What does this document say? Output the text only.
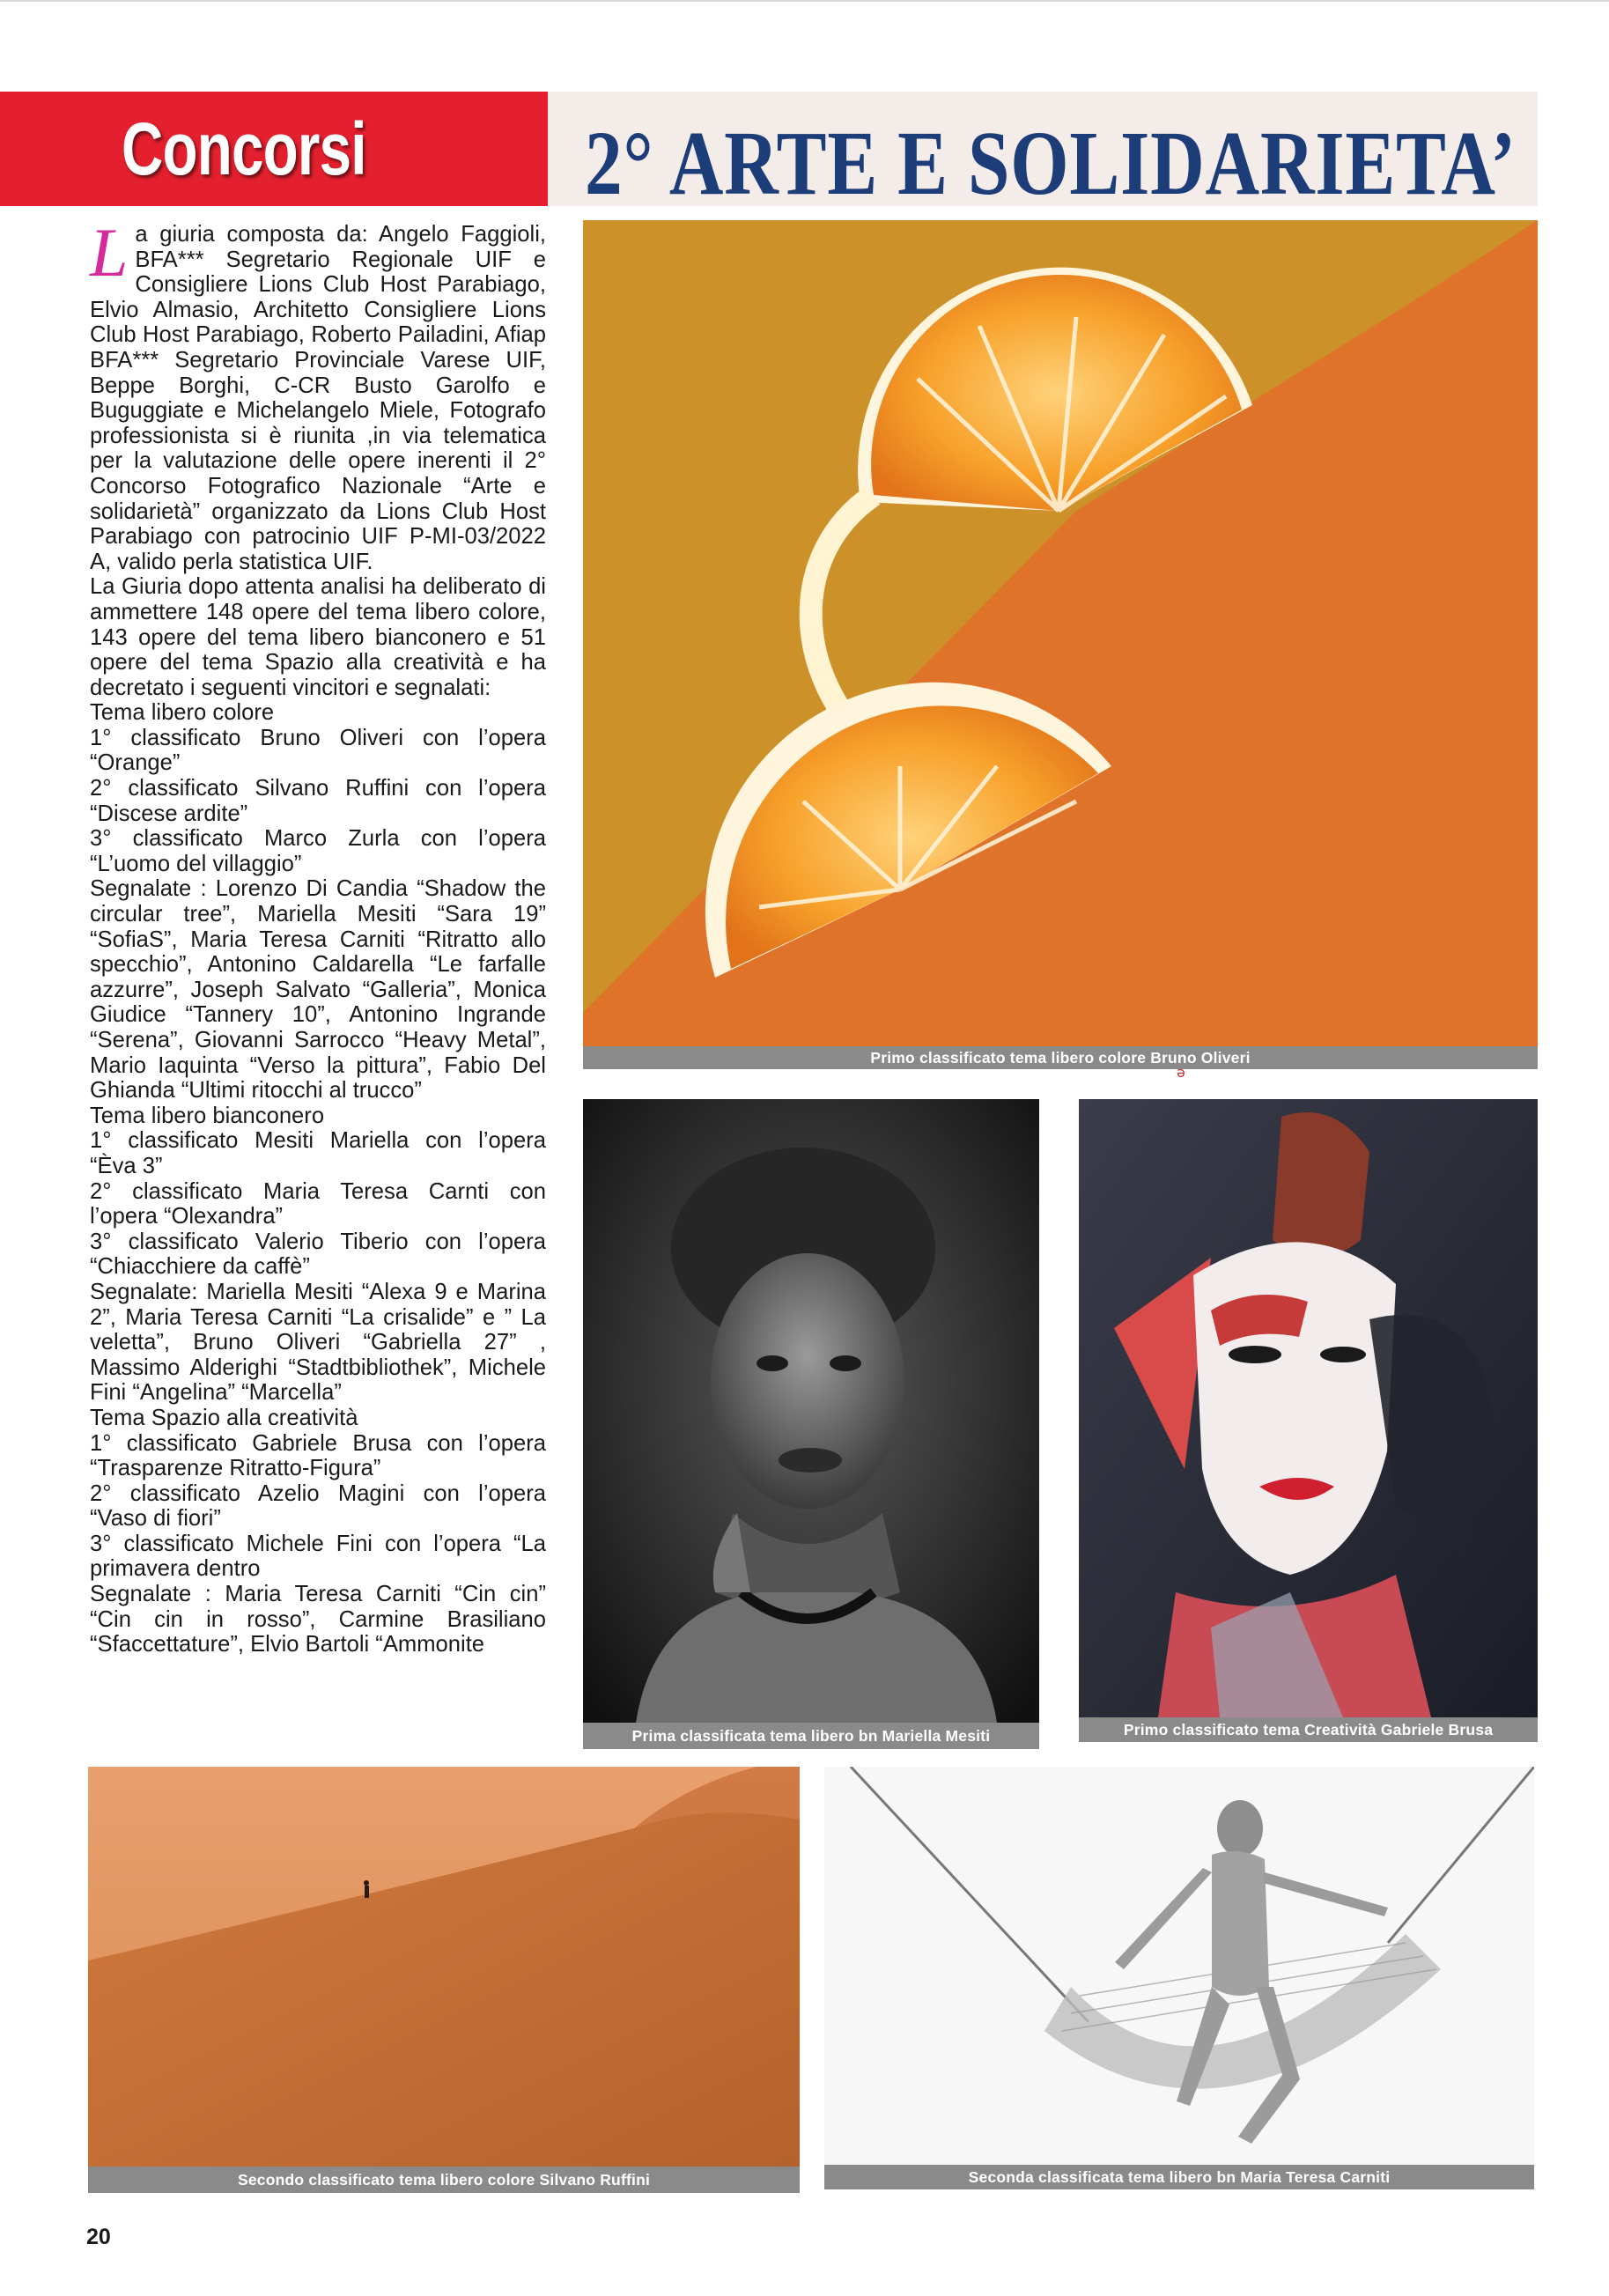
Concorsi 2° ARTE E SOLIDARIETA’

La giuria composta da: Angelo Faggioli, BFA*** Segretario Regionale UIF e Consigliere Lions Club Host Parabiago, Elvio Almasio, Architetto Consigliere Lions Club Host Parabiago, Roberto Pailadini, Afiap BFA*** Segretario Provinciale Varese UIF, Beppe Borghi, C-CR Busto Garolfo e Buguggiate e Michelangelo Miele, Fotografo professionista si è riunita ,in via telematica per la valutazione delle opere inerenti il 2° Concorso Fotografico Nazionale “Arte e solidarietà” organizzato da Lions Club Host Parabiago con patrocinio UIF P-MI-03/2022 A, valido perla statistica UIF.

La Giuria dopo attenta analisi ha deliberato di ammettere 148 opere del tema libero colore, 143 opere del tema libero bianconero e 51 opere del tema Spazio alla creatività e ha decretato i seguenti vincitori e segnalati:

Tema libero colore

1° classificato Bruno Oliveri con l’opera “Orange”

2° classificato Silvano Ruffini con l’opera “Discese ardite”

3° classificato Marco Zurla con l’opera “L’uomo del villaggio”

Segnalate : Lorenzo Di Candia “Shadow the circular tree”, Mariella Mesiti “Sara 19” “SofiaS”, Maria Teresa Carniti “Ritratto allo specchio”, Antonino Caldarella “Le farfalle azzurre”, Joseph Salvato “Galleria”, Monica Giudice “Tannery 10”, Antonino Ingrande “Serena”, Giovanni Sarrocco “Heavy Metal”, Mario Iaquinta “Verso la pittura”, Fabio Del Ghianda “Ultimi ritocchi al trucco”

Tema libero bianconero

1° classificato Mesiti Mariella con l’opera “Èva 3”

2° classificato Maria Teresa Carnti con l’opera “Olexandra”

3° classificato Valerio Tiberio con l’opera “Chiacchiere da caffè”

Segnalate: Mariella Mesiti “Alexa 9 e Marina 2”, Maria Teresa Carniti “La crisalide” e ” La veletta”, Bruno Oliveri “Gabriella 27” , Massimo Alderighi “Stadtbibliothek”, Michele Fini “Angelina” “Marcella”

Tema Spazio alla creatività

1° classificato Gabriele Brusa con l’opera “Trasparenze Ritratto-Figura”

2° classificato Azelio Magini con l’opera “Vaso di fiori”

3° classificato Michele Fini con l’opera “La primavera dentro

Segnalate : Maria Teresa Carniti “Cin cin” “Cin cin in rosso”, Carmine Brasiliano “Sfaccettature”, Elvio Bartoli “Ammonite

Primo classificato tema libero colore Bruno Oliveri
ə
Prima classificata tema libero bn Mariella Mesiti	Primo classificato tema Creatività Gabriele Brusa
Secondo classificato tema libero colore Silvano Ruffini	Seconda classificata tema libero bn Maria Teresa Carniti
20
